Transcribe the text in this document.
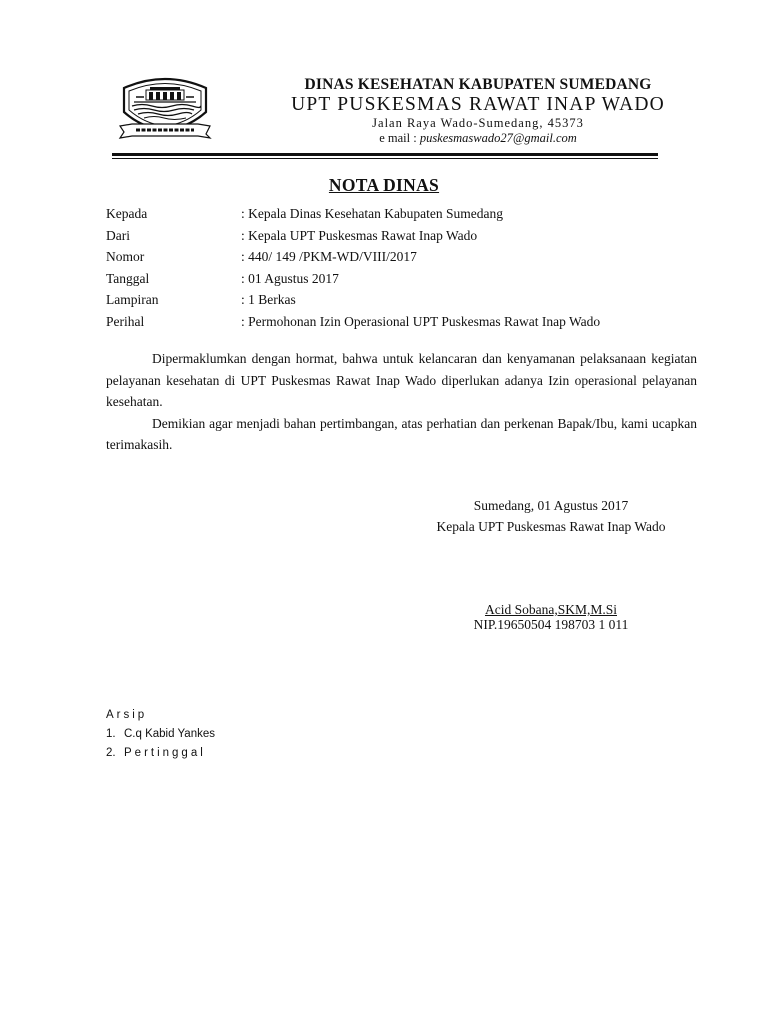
DINAS KESEHATAN KABUPATEN SUMEDANG
UPT PUSKESMAS RAWAT INAP WADO
Jalan Raya Wado-Sumedang, 45373
e mail : puskesmaswado27@gmail.com
NOTA DINAS
Kepada	: Kepala Dinas Kesehatan Kabupaten Sumedang
Dari	: Kepala UPT Puskesmas Rawat Inap Wado
Nomor	: 440/ 149 /PKM-WD/VIII/2017
Tanggal	: 01 Agustus 2017
Lampiran	: 1 Berkas
Perihal	: Permohonan Izin Operasional UPT Puskesmas Rawat Inap Wado

Dipermaklumkan dengan hormat, bahwa untuk kelancaran dan kenyamanan pelaksanaan kegiatan pelayanan kesehatan di UPT Puskesmas Rawat Inap Wado diperlukan adanya Izin operasional pelayanan kesehatan.

Demikian agar menjadi bahan pertimbangan, atas perhatian dan perkenan Bapak/Ibu, kami ucapkan terimakasih.

Sumedang, 01 Agustus 2017
Kepala UPT Puskesmas Rawat Inap Wado
Acid Sobana,SKM,M.Si
NIP.19650504 198703 1 011
Arsip
1. C.q Kabid Yankes
2. Pertinggal
